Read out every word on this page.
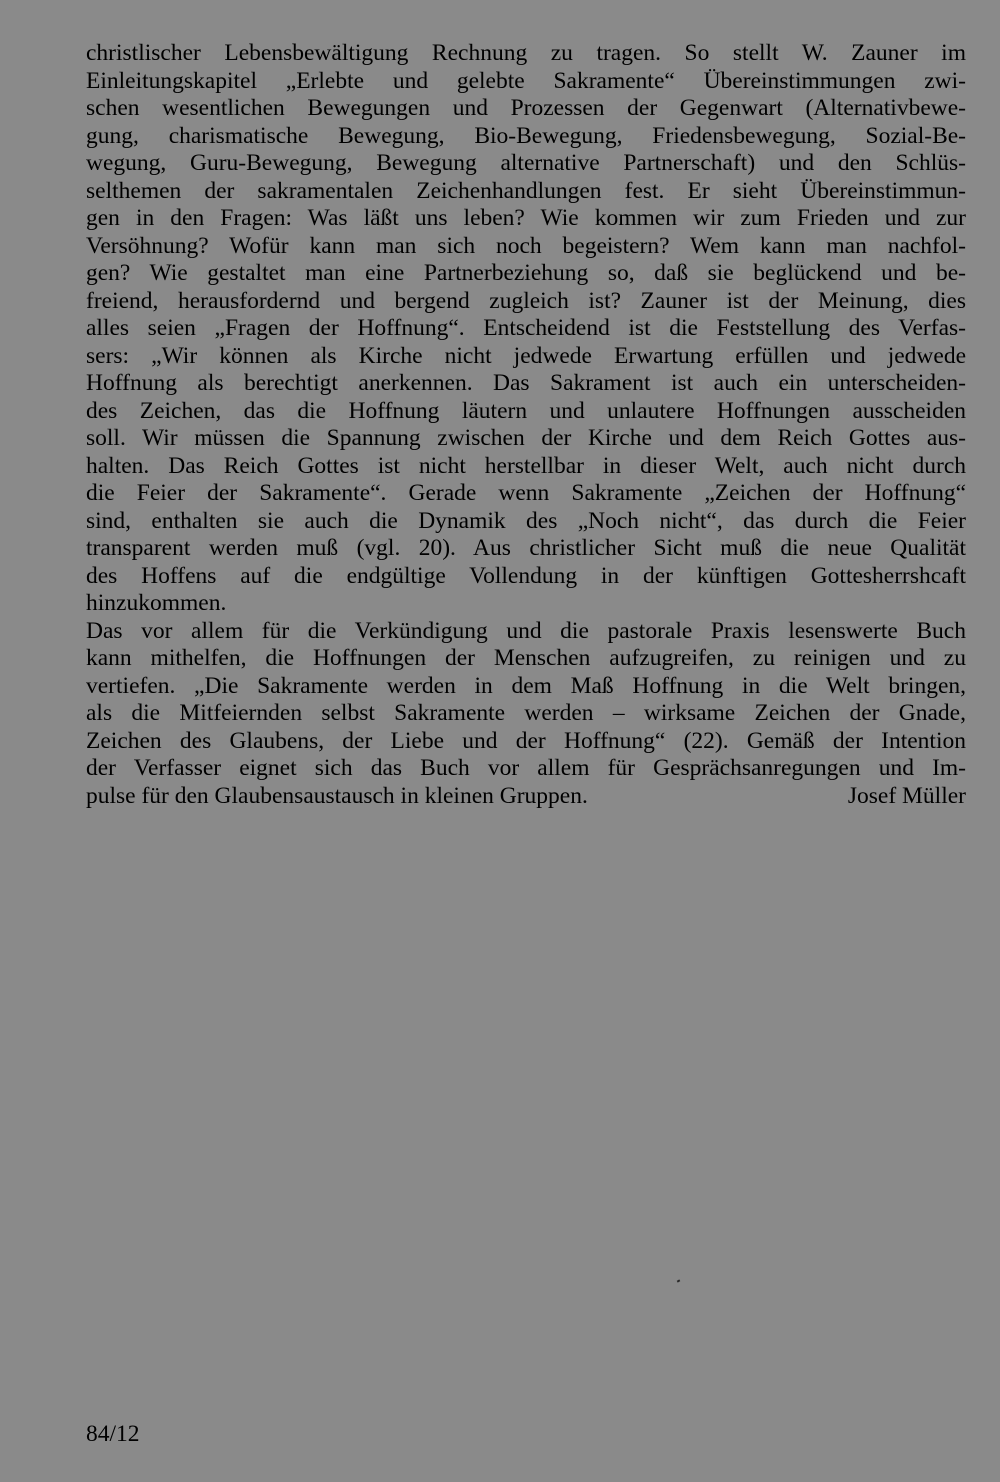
christlischer Lebensbewältigung Rechnung zu tragen. So stellt W. Zauner im
Einleitungskapitel „Erlebte und gelebte Sakramente“ Übereinstimmungen zwi-
schen wesentlichen Bewegungen und Prozessen der Gegenwart (Alternativbewe-
gung, charismatische Bewegung, Bio-Bewegung, Friedensbewegung, Sozial-Be-
wegung, Guru-Bewegung, Bewegung alternative Partnerschaft) und den Schlüs-
selthemen der sakramentalen Zeichenhandlungen fest. Er sieht Übereinstimmun-
gen in den Fragen: Was läßt uns leben? Wie kommen wir zum Frieden und zur
Versöhnung? Wofür kann man sich noch begeistern? Wem kann man nachfol-
gen? Wie gestaltet man eine Partnerbeziehung so, daß sie beglückend und be-
freiend, herausfordernd und bergend zugleich ist? Zauner ist der Meinung, dies
alles seien „Fragen der Hoffnung“. Entscheidend ist die Feststellung des Verfas-
sers: „Wir können als Kirche nicht jedwede Erwartung erfüllen und jedwede
Hoffnung als berechtigt anerkennen. Das Sakrament ist auch ein unterscheiden-
des Zeichen, das die Hoffnung läutern und unlautere Hoffnungen ausscheiden
soll. Wir müssen die Spannung zwischen der Kirche und dem Reich Gottes aus-
halten. Das Reich Gottes ist nicht herstellbar in dieser Welt, auch nicht durch
die Feier der Sakramente“. Gerade wenn Sakramente „Zeichen der Hoffnung“
sind, enthalten sie auch die Dynamik des „Noch nicht“, das durch die Feier
transparent werden muß (vgl. 20). Aus christlicher Sicht muß die neue Qualität
des Hoffens auf die endgültige Vollendung in der künftigen Gottesherrshcaft
hinzukommen.
Das vor allem für die Verkündigung und die pastorale Praxis lesenswerte Buch
kann mithelfen, die Hoffnungen der Menschen aufzugreifen, zu reinigen und zu
vertiefen. „Die Sakramente werden in dem Maß Hoffnung in die Welt bringen,
als die Mitfeiernden selbst Sakramente werden – wirksame Zeichen der Gnade,
Zeichen des Glaubens, der Liebe und der Hoffnung“ (22). Gemäß der Intention
der Verfasser eignet sich das Buch vor allem für Gesprächsanregungen und Im-
pulse für den Glaubensaustausch in kleinen Gruppen.	Josef Müller
84/12
